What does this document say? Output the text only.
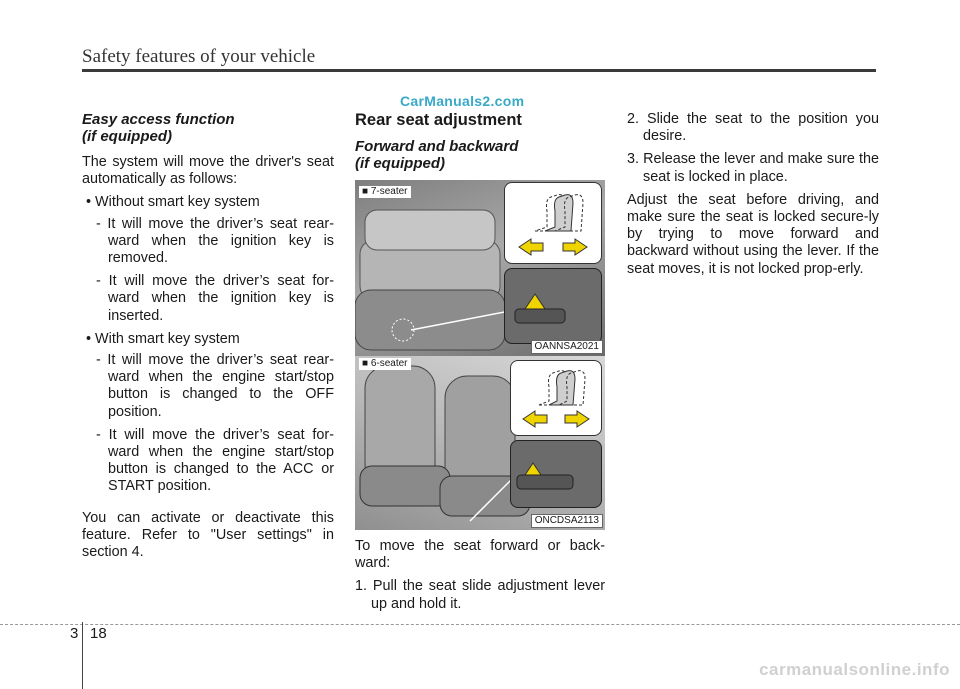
Safety features of your vehicle
CarManuals2.com
Easy access function
(if equipped)

The system will move the driver's seat automatically as follows:

• Without smart key system
- It will move the driver’s seat rear-ward when the ignition key is removed.
- It will move the driver’s seat for-ward when the ignition key is inserted.
• With smart key system
- It will move the driver’s seat rear-ward when the engine start/stop button is changed to the OFF position.
- It will move the driver’s seat for-ward when the engine start/stop button is changed to the ACC or START position.

You can activate or deactivate this feature. Refer to "User settings" in section 4.

Rear seat adjustment
Forward and backward
(if equipped)
■ 7-seater
OANNSA2021
■ 6-seater
ONCDSA2113

To move the seat forward or back-ward:

1. Pull the seat slide adjustment lever up and hold it.
2. Slide the seat to the position you desire.
3. Release the lever and make sure the seat is locked in place.

Adjust the seat before driving, and make sure the seat is locked secure-ly by trying to move forward and backward without using the lever. If the seat moves, it is not locked prop-erly.

3 18
carmanualsonline.info
